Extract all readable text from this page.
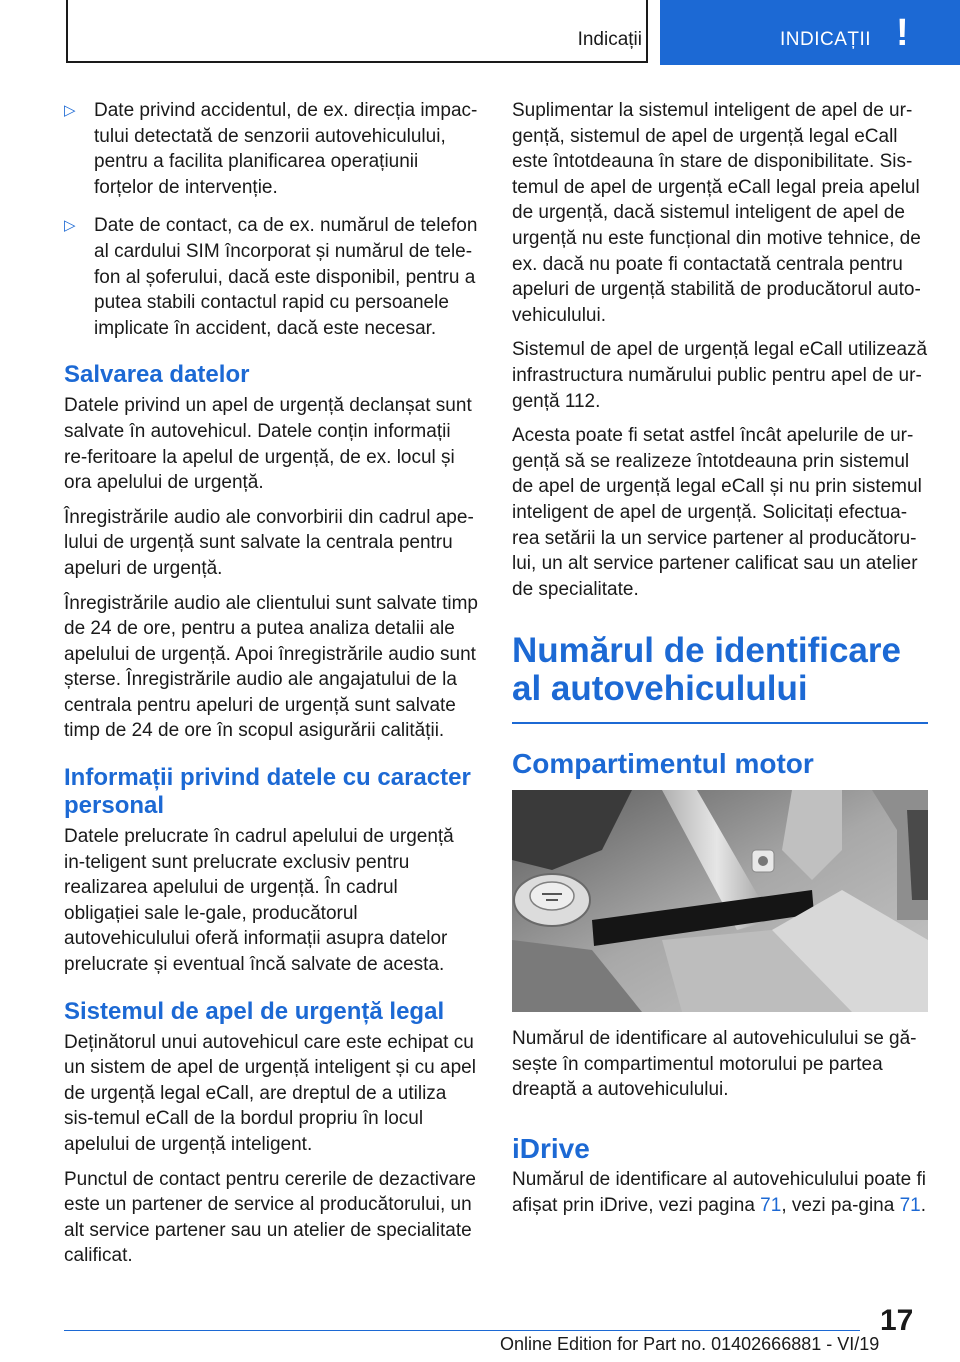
Indicații	INDICAȚII !
▷ Date privind accidentul, de ex. direcția impac-tului detectată de senzorii autovehiculului, pentru a facilita planificarea operațiunii forțelor de intervenție.
▷ Date de contact, ca de ex. numărul de telefon al cardului SIM încorporat și numărul de tele-fon al șoferului, dacă este disponibil, pentru a putea stabili contactul rapid cu persoanele implicate în accident, dacă este necesar.
Salvarea datelor

Datele privind un apel de urgență declanșat sunt salvate în autovehicul. Datele conțin informații re-feritoare la apelul de urgență, de ex. locul și ora apelului de urgență.

Înregistrările audio ale convorbirii din cadrul ape-lului de urgență sunt salvate la centrala pentru apeluri de urgență.

Înregistrările audio ale clientului sunt salvate timp de 24 de ore, pentru a putea analiza detalii ale apelului de urgență. Apoi înregistrările audio sunt șterse. Înregistrările audio ale angajatului de la centrala pentru apeluri de urgență sunt salvate timp de 24 de ore în scopul asigurării calității.

Informații privind datele cu caracter personal

Datele prelucrate în cadrul apelului de urgență in-teligent sunt prelucrate exclusiv pentru realizarea apelului de urgență. În cadrul obligației sale le-gale, producătorul autovehiculului oferă informații asupra datelor prelucrate și eventual încă salvate de acesta.

Sistemul de apel de urgență legal

Deținătorul unui autovehicul care este echipat cu un sistem de apel de urgență inteligent și cu apel de urgență legal eCall, are dreptul de a utiliza sis-temul eCall de la bordul propriu în locul apelului de urgență inteligent.

Punctul de contact pentru cererile de dezactivare este un partener de service al producătorului, un alt service partener sau un atelier de specialitate calificat.

Suplimentar la sistemul inteligent de apel de ur-gență, sistemul de apel de urgență legal eCall este întotdeauna în stare de disponibilitate. Sis-temul de apel de urgență eCall legal preia apelul de urgență, dacă sistemul inteligent de apel de urgență nu este funcțional din motive tehnice, de ex. dacă nu poate fi contactată centrala pentru apeluri de urgență stabilită de producătorul auto-vehiculului.

Sistemul de apel de urgență legal eCall utilizează infrastructura numărului public pentru apel de ur-gență 112.

Acesta poate fi setat astfel încât apelurile de ur-gență să se realizeze întotdeauna prin sistemul de apel de urgență legal eCall și nu prin sistemul inteligent de apel de urgență. Solicitați efectua-rea setării la un service partener al producătoru-lui, un alt service partener calificat sau un atelier de specialitate.

Numărul de identificare al autovehiculului
Compartimentul motor

Numărul de identificare al autovehiculului se gă-sește în compartimentul motorului pe partea dreaptă a autovehiculului.

iDrive

Numărul de identificare al autovehiculului poate fi afișat prin iDrive, vezi pagina 71, vezi pa-gina 71.

17
Online Edition for Part no. 01402666881 - VI/19
